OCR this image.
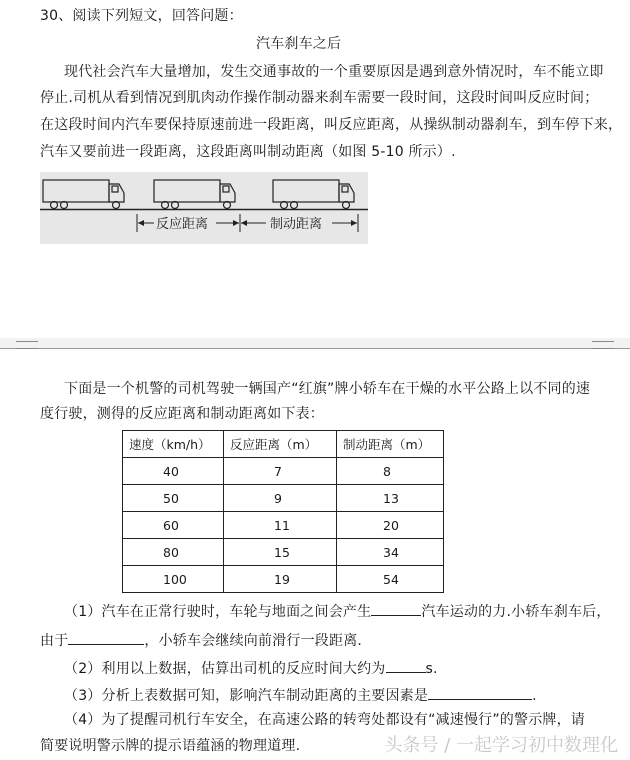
30、阅读下列短文，回答问题：
汽车刹车之后
现代社会汽车大量增加，发生交通事故的一个重要原因是遇到意外情况时，车不能立即
停止.司机从看到情况到肌肉动作操作制动器来刹车需要一段时间，这段时间叫反应时间；
在这段时间内汽车要保持原速前进一段距离，叫反应距离，从操纵制动器刹车，到车停下来，
汽车又要前进一段距离，这段距离叫制动距离（如图 5-10 所示）.
反应距离	制动距离
下面是一个机警的司机驾驶一辆国产“红旗”牌小轿车在干燥的水平公路上以不同的速
度行驶，测得的反应距离和制动距离如下表：
速度（km/h）	反应距离（m）	制动距离（m）
40	7	8
50	9	13
60	11	20
80	15	34
100	19	54
（1）汽车在正常行驶时，车轮与地面之间会产生	汽车运动的力.小轿车刹车后，
由于	，小轿车会继续向前滑行一段距离.
（2）利用以上数据，估算出司机的反应时间大约为	s.
（3）分析上表数据可知，影响汽车制动距离的主要因素是	.
（4）为了提醒司机行车安全，在高速公路的转弯处都设有“减速慢行”的警示牌，请
简要说明警示牌的提示语蕴涵的物理道理.	头条号 / 一起学习初中数理化
